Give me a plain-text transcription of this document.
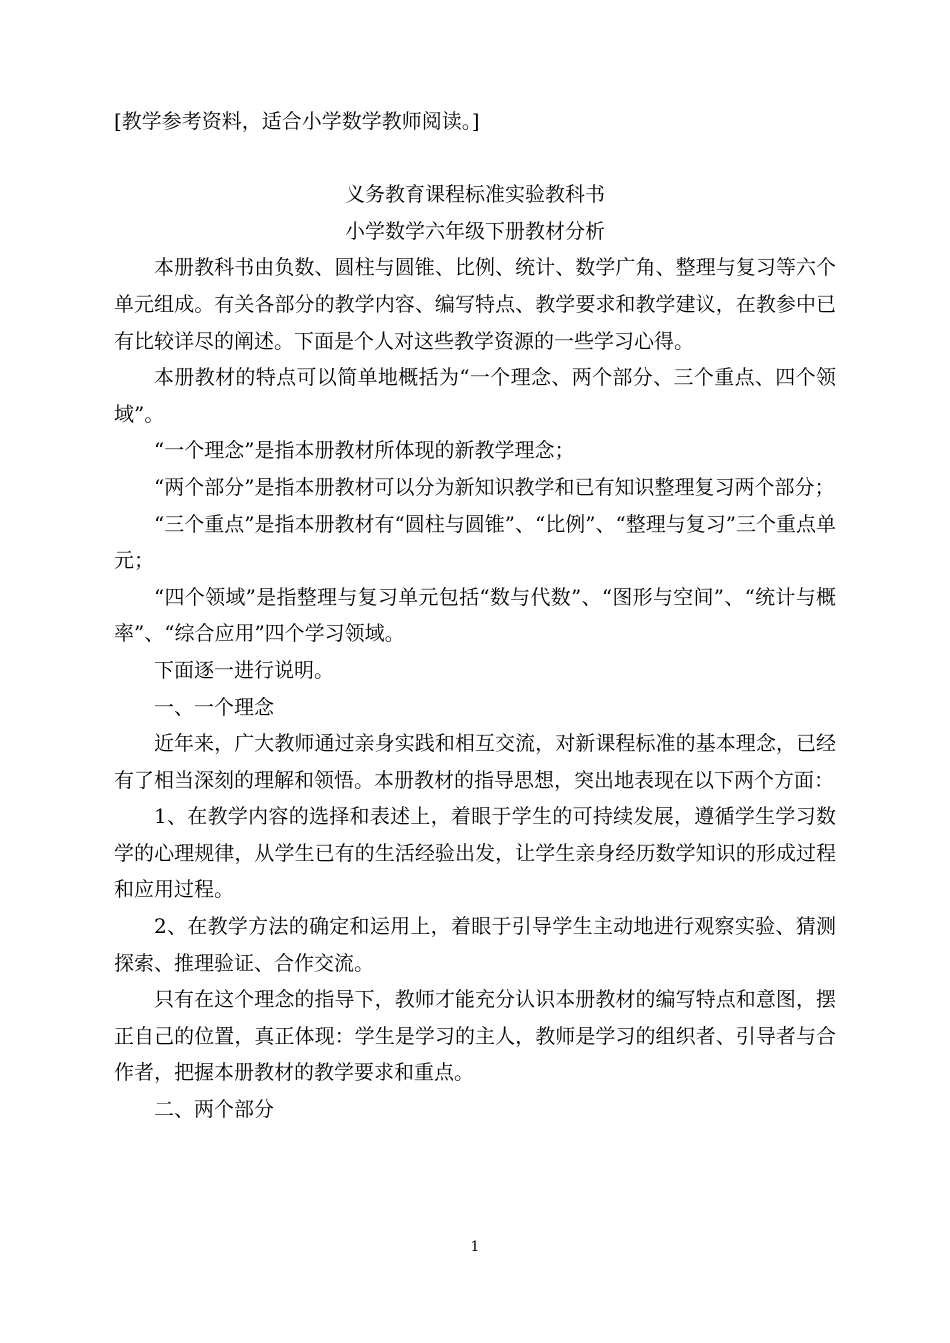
[教学参考资料，适合小学数学教师阅读。]

义务教育课程标准实验教科书

小学数学六年级下册教材分析

本册教科书由负数、圆柱与圆锥、比例、统计、数学广角、整理与复习等六个单元组成。有关各部分的教学内容、编写特点、教学要求和教学建议，在教参中已有比较详尽的阐述。下面是个人对这些教学资源的一些学习心得。

本册教材的特点可以简单地概括为“一个理念、两个部分、三个重点、四个领域”。

“一个理念”是指本册教材所体现的新教学理念；

“两个部分”是指本册教材可以分为新知识教学和已有知识整理复习两个部分；

“三个重点”是指本册教材有“圆柱与圆锥”、“比例”、“整理与复习”三个重点单元；

“四个领域”是指整理与复习单元包括“数与代数”、“图形与空间”、“统计与概率”、“综合应用”四个学习领域。

下面逐一进行说明。

一、一个理念

近年来，广大教师通过亲身实践和相互交流，对新课程标准的基本理念，已经有了相当深刻的理解和领悟。本册教材的指导思想，突出地表现在以下两个方面：

1、在教学内容的选择和表述上，着眼于学生的可持续发展，遵循学生学习数学的心理规律，从学生已有的生活经验出发，让学生亲身经历数学知识的形成过程和应用过程。

2、在教学方法的确定和运用上，着眼于引导学生主动地进行观察实验、猜测探索、推理验证、合作交流。

只有在这个理念的指导下，教师才能充分认识本册教材的编写特点和意图，摆正自己的位置，真正体现：学生是学习的主人，教师是学习的组织者、引导者与合作者，把握本册教材的教学要求和重点。

二、两个部分

1
